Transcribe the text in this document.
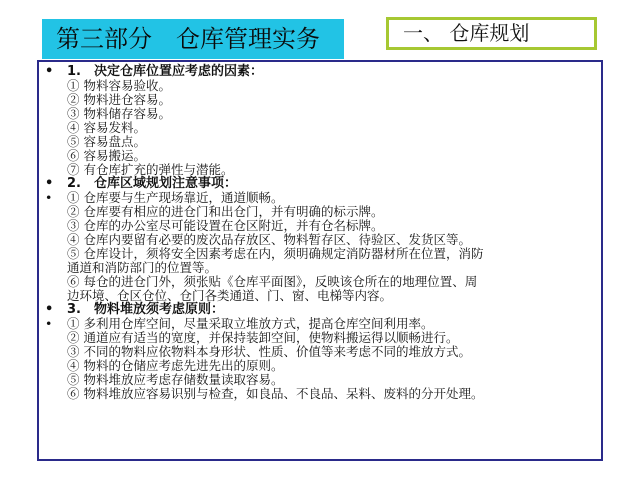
第三部分　仓库管理实务	一、 仓库规划
• 1.　决定仓库位置应考虑的因素：
① 物料容易验收。
② 物料进仓容易。
③ 物料储存容易。
④ 容易发料。
⑤ 容易盘点。
⑥ 容易搬运。
⑦ 有仓库扩充的弹性与潜能。
• 2.　仓库区域规划注意事项：
• ① 仓库要与生产现场靠近，通道顺畅。
② 仓库要有相应的进仓门和出仓门，并有明确的标示牌。
③ 仓库的办公室尽可能设置在仓区附近，并有仓名标牌。
④ 仓库内要留有必要的废次品存放区、物料暂存区、待验区、发货区等。
⑤ 仓库设计，须将安全因素考虑在内，须明确规定消防器材所在位置，消防
通道和消防部门的位置等。
⑥ 每仓的进仓门外，须张贴《仓库平面图》，反映该仓所在的地理位置、周
边环境、仓区仓位、仓门各类通道、门、窗、电梯等内容。
• 3.　物料堆放须考虑原则：
• ① 多利用仓库空间，尽量采取立堆放方式，提高仓库空间利用率。
② 通道应有适当的宽度，并保持装卸空间，使物料搬运得以顺畅进行。
③ 不同的物料应依物料本身形状、性质、价值等来考虑不同的堆放方式。
④ 物料的仓储应考虑先进先出的原则。
⑤ 物料堆放应考虑存储数量读取容易。
⑥ 物料堆放应容易识别与检查，如良品、不良品、呆料、废料的分开处理。
